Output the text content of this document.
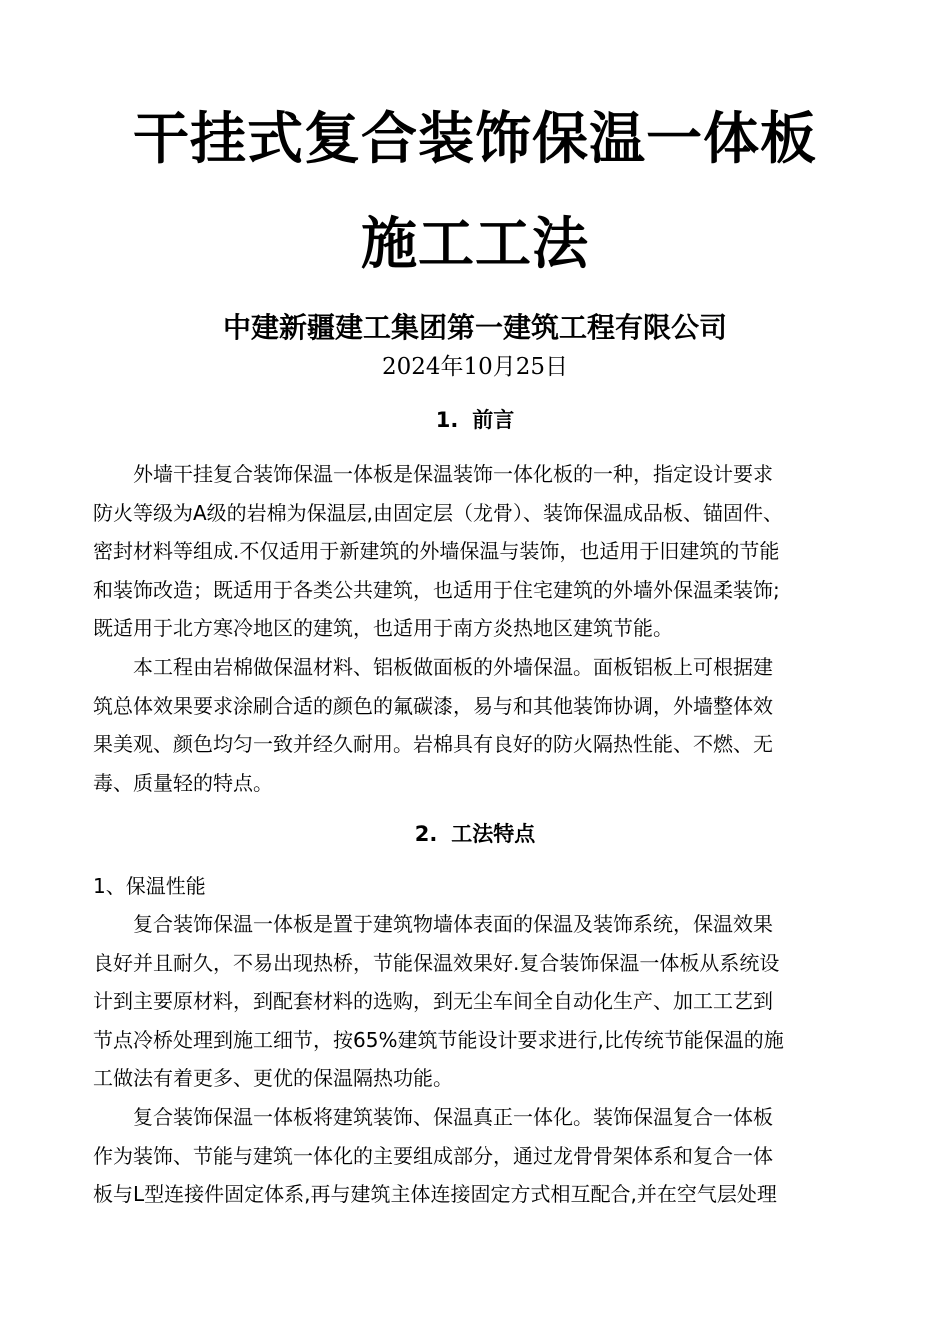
干挂式复合装饰保温一体板
施工工法
中建新疆建工集团第一建筑工程有限公司
2024年10月25日
1. 前言
外墙干挂复合装饰保温一体板是保温装饰一体化板的一种，指定设计要求
防火等级为A级的岩棉为保温层,由固定层（龙骨）、装饰保温成品板、锚固件、
密封材料等组成.不仅适用于新建筑的外墙保温与装饰，也适用于旧建筑的节能
和装饰改造；既适用于各类公共建筑，也适用于住宅建筑的外墙外保温柔装饰;
既适用于北方寒冷地区的建筑，也适用于南方炎热地区建筑节能。
本工程由岩棉做保温材料、铝板做面板的外墙保温。面板铝板上可根据建
筑总体效果要求涂刷合适的颜色的氟碳漆，易与和其他装饰协调，外墙整体效
果美观、颜色均匀一致并经久耐用。岩棉具有良好的防火隔热性能、不燃、无
毒、质量轻的特点。
2. 工法特点
1、保温性能
复合装饰保温一体板是置于建筑物墙体表面的保温及装饰系统，保温效果
良好并且耐久，不易出现热桥，节能保温效果好.复合装饰保温一体板从系统设
计到主要原材料，到配套材料的选购，到无尘车间全自动化生产、加工工艺到
节点冷桥处理到施工细节，按65%建筑节能设计要求进行,比传统节能保温的施
工做法有着更多、更优的保温隔热功能。
复合装饰保温一体板将建筑装饰、保温真正一体化。装饰保温复合一体板
作为装饰、节能与建筑一体化的主要组成部分，通过龙骨骨架体系和复合一体
板与L型连接件固定体系,再与建筑主体连接固定方式相互配合,并在空气层处理
